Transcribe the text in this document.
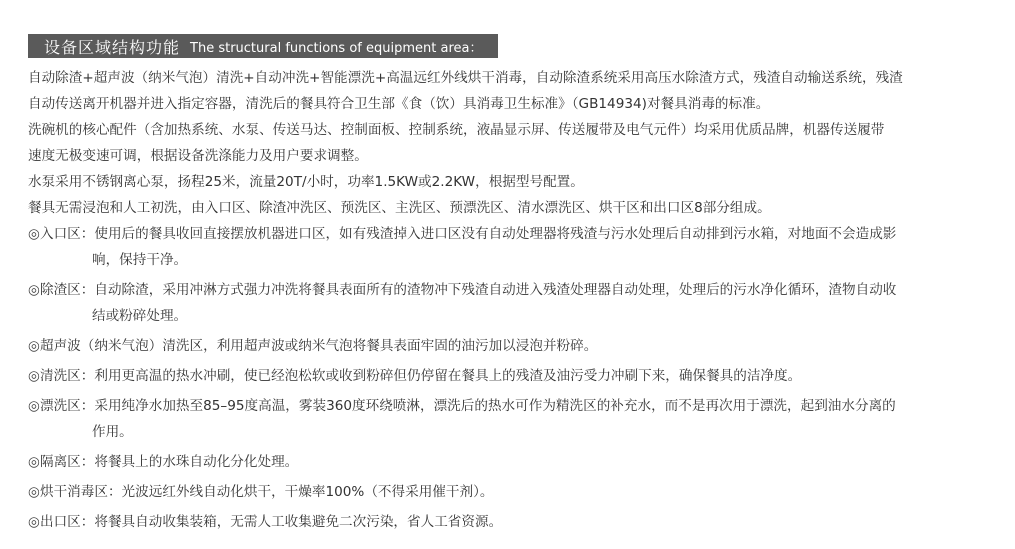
设备区域结构功能 The structural functions of equipment area：
自动除渣+超声波（纳米气泡）清洗+自动冲洗+智能漂洗+高温远红外线烘干消毒，自动除渣系统采用高压水除渣方式，残渣自动输送系统，残渣
自动传送离开机器并进入指定容器，清洗后的餐具符合卫生部《食（饮）具消毒卫生标准》（GB14934)对餐具消毒的标准。
洗碗机的核心配件（含加热系统、水泵、传送马达、控制面板、控制系统，液晶显示屏、传送履带及电气元件）均采用优质品牌，机器传送履带
速度无极变速可调，根据设备洗涤能力及用户要求调整。
水泵采用不锈钢离心泵，扬程25米，流量20T/小时，功率1.5KW或2.2KW，根据型号配置。
餐具无需浸泡和人工初洗，由入口区、除渣冲洗区、预洗区、主洗区、预漂洗区、清水漂洗区、烘干区和出口区8部分组成。
◎入口区：使用后的餐具收回直接摆放机器进口区，如有残渣掉入进口区没有自动处理器将残渣与污水处理后自动排到污水箱，对地面不会造成影
响，保持干净。
◎除渣区：自动除渣，采用冲淋方式强力冲洗将餐具表面所有的渣物冲下残渣自动进入残渣处理器自动处理，处理后的污水净化循环，渣物自动收
结或粉碎处理。
◎超声波（纳米气泡）清洗区，利用超声波或纳米气泡将餐具表面牢固的油污加以浸泡并粉碎。
◎清洗区：利用更高温的热水冲刷，使已经泡松软或收到粉碎但仍停留在餐具上的残渣及油污受力冲刷下来，确保餐具的洁净度。
◎漂洗区：采用纯净水加热至85–95度高温，雾装360度环绕喷淋，漂洗后的热水可作为精洗区的补充水，而不是再次用于漂洗，起到油水分离的
作用。
◎隔离区：将餐具上的水珠自动化分化处理。
◎烘干消毒区：光波远红外线自动化烘干，干燥率100%（不得采用催干剂）。
◎出口区：将餐具自动收集装箱，无需人工收集避免二次污染，省人工省资源。
